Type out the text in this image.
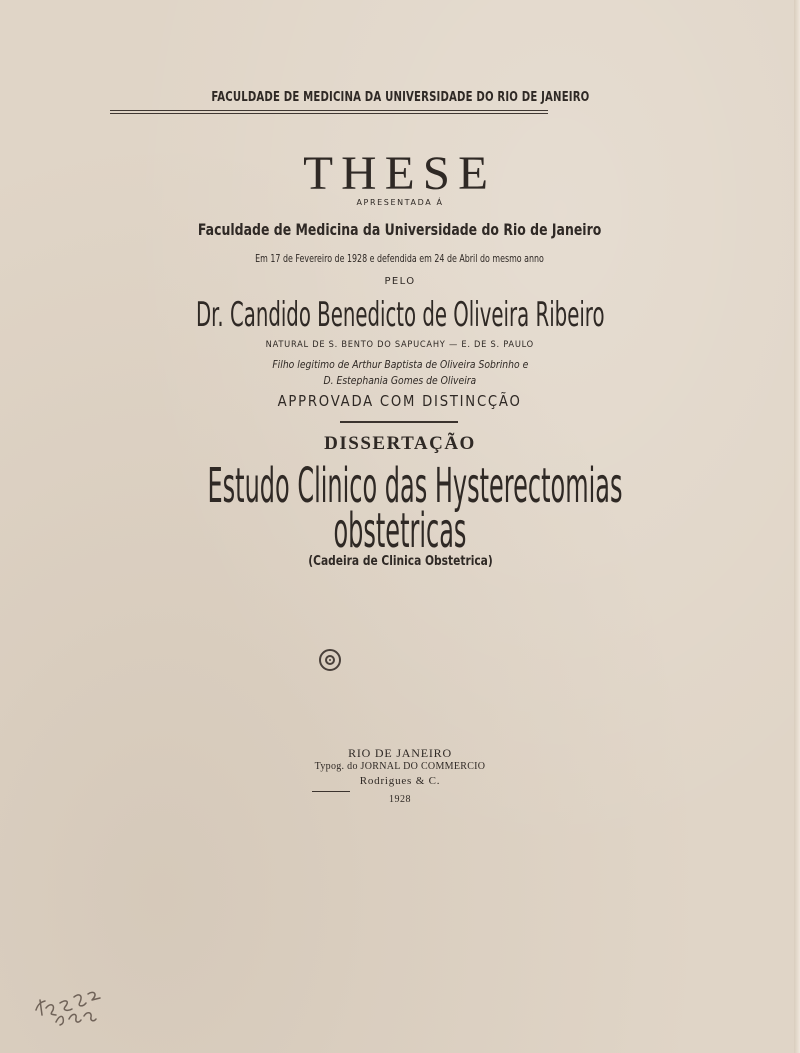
FACULDADE DE MEDICINA DA UNIVERSIDADE DO RIO DE JANEIRO
THESE
APRESENTADA Á
Faculdade de Medicina da Universidade do Rio de Janeiro
Em 17 de Fevereiro de 1928 e defendida em 24 de Abril do mesmo anno
PELO
Dr. Candido Benedicto de Oliveira Ribeiro
NATURAL DE S. BENTO DO SAPUCAHY — E. DE S. PAULO
Filho legitimo de Arthur Baptista de Oliveira Sobrinho e
D. Estephania Gomes de Oliveira
APPROVADA COM DISTINCÇÃO
DISSERTAÇÃO
Estudo Clinico das Hysterectomias
obstetricas
(Cadeira de Clinica Obstetrica)
RIO DE JANEIRO
Typog. do JORNAL DO COMMERCIO
Rodrigues & C.
1928
